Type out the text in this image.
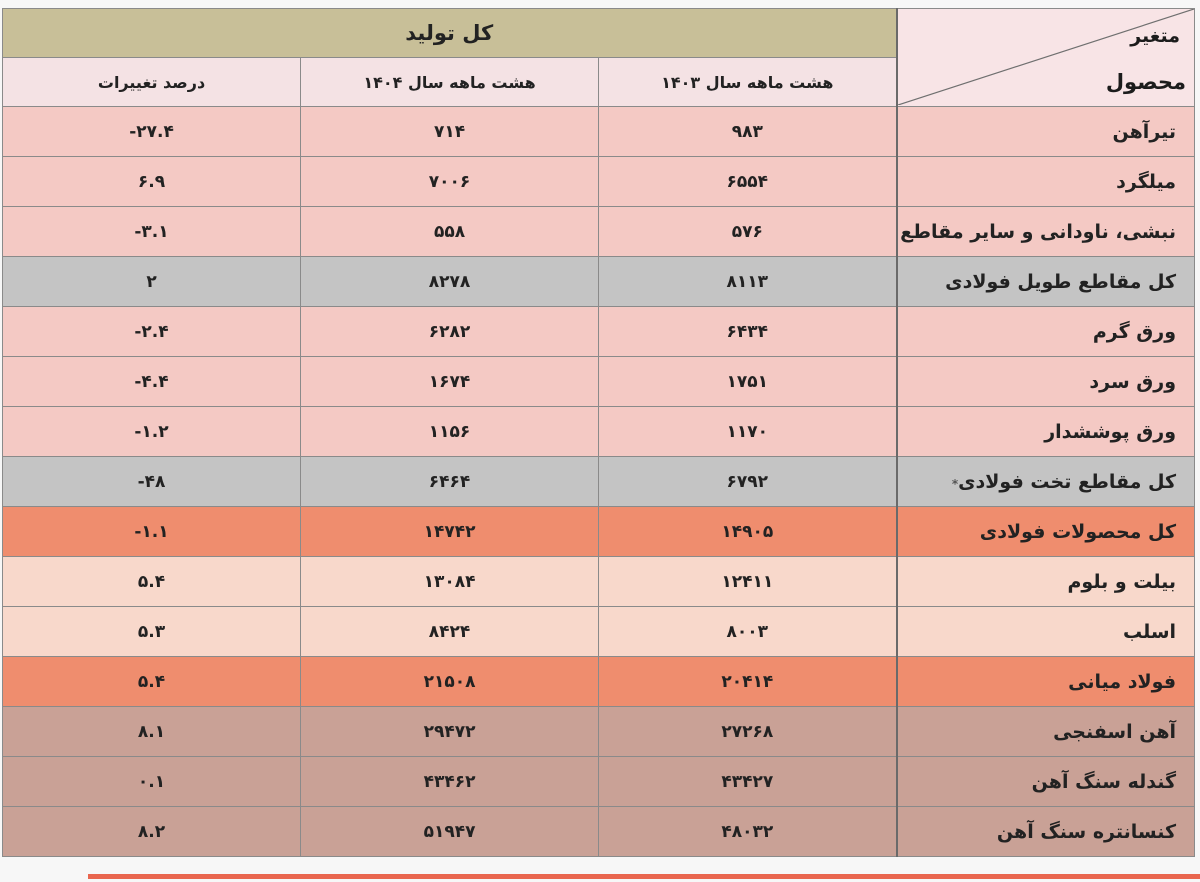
متغیر
محصول	کل تولید		
	هشت ماهه سال ۱۴۰۳	هشت ماهه سال ۱۴۰۴	درصد تغییرات
تیرآهن	۹۸۳	۷۱۴	-۲۷.۴
میلگرد	۶۵۵۴	۷۰۰۶	۶.۹
نبشی، ناودانی و سایر مقاطع	۵۷۶	۵۵۸	-۳.۱
کل مقاطع طویل فولادی	۸۱۱۳	۸۲۷۸	۲
ورق گرم	۶۴۳۴	۶۲۸۲	-۲.۴
ورق سرد	۱۷۵۱	۱۶۷۴	-۴.۴
ورق پوششدار	۱۱۷۰	۱۱۵۶	-۱.۲
کل مقاطع تخت فولادی*	۶۷۹۲	۶۴۶۴	-۴۸
کل محصولات فولادی	۱۴۹۰۵	۱۴۷۴۲	-۱.۱
بیلت و بلوم	۱۲۴۱۱	۱۳۰۸۴	۵.۴
اسلب	۸۰۰۳	۸۴۲۴	۵.۳
فولاد میانی	۲۰۴۱۴	۲۱۵۰۸	۵.۴
آهن اسفنجی	۲۷۲۶۸	۲۹۴۷۲	۸.۱
گندله سنگ آهن	۴۳۴۲۷	۴۳۴۶۲	۰.۱
کنسانتره سنگ آهن	۴۸۰۳۲	۵۱۹۴۷	۸.۲
